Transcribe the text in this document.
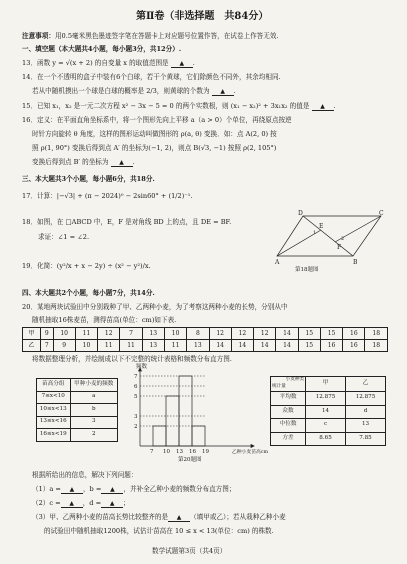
第Ⅱ卷（非选择题　共84分）
注意事项：用0.5毫米黑色墨迹签字笔在答题卡上对应题号位置作答，在试卷上作答无效.
一、填空题（本大题共4小题，每小题3分，共12分）.
13．函数 y = √(x + 2) 的自变量 x 的取值范围是 ▲ .
14．在一个不透明的盒子中装有6个白球，若干个黄球，它们除颜色不同外，其余均相同.
若从中随机摸出一个球是白球的概率是 2/3，则黄球的个数为 ▲ .
15．已知 x₁，x₂ 是一元二次方程 x² − 3x − 5 = 0 的两个实数根，则 (x₁ − x₂)² + 3x₁x₂ 的值是 ▲ .
16．定义：在平面直角坐标系中，将一个图形先向上平移 a（a > 0）个单位，再绕原点按逆
时针方向旋转 θ 角度，这样的图形运动叫做图形的 ρ(a, θ) 变换．如：点 A(2, 0) 按
照 ρ(1, 90°) 变换后得到点 A′ 的坐标为(−1, 2)，则点 B(√3, −1) 按照 ρ(2, 105°)
变换后得到点 B′ 的坐标为 ▲ .
三、本大题共3个小题，每小题6分，共18分.
17．计算：|−√3| + (π − 2024)⁰ − 2sin60° + (1/2)⁻¹.
18．如图，在 □ABCD 中，E，F 是对角线 BD 上的点，且 DE = BF.
求证：∠1 = ∠2.
D	C
A	B
E
F
1
2
第18题图
19．化简：(y²/x + x − 2y) ÷ (x² − y²)/x.
四、本大题共2个小题，每小题7分，共14分.
20．某地两块试验田中分别栽种了甲、乙两种小麦，为了考察这两种小麦的长势，分别从中
随机抽取16株麦苗，测得苗高(单位：cm)如下表.
甲	9	10	11	12	7	13	10	8	12	12	12	14	15	15	16	18
乙	7	9	10	11	11	13	11	13	14	14	14	14	15	16	16	18
将数据整理分析，并绘制成以下不完整的统计表格和频数分布直方图.
苗高分组	甲种小麦的频数
7≤x<10	a
10≤x<13	b
13≤x<16	3
16≤x<19	2
2
3
5
6
7
7 10 13 16 19
频数
乙种小麦苗高cm
第20题图
小麦种类
统计量	甲	乙
平均数	12.875	12.875
众数	14	d
中位数	c	13
方差	8.65	7.85
根据所给出的信息，解决下列问题：
（1）a = ▲ ，b = ▲ ，并补全乙种小麦的频数分布直方图；
（2）c = ▲ ，d = ▲ ；
（3）甲、乙两种小麦的苗高长势比较整齐的是 ▲ （填甲或乙）；若从栽种乙种小麦
的试验田中随机抽取1200株，试估计苗高在 10 ≤ x < 13(单位：cm) 的株数.
数学试题第3页（共4页）
